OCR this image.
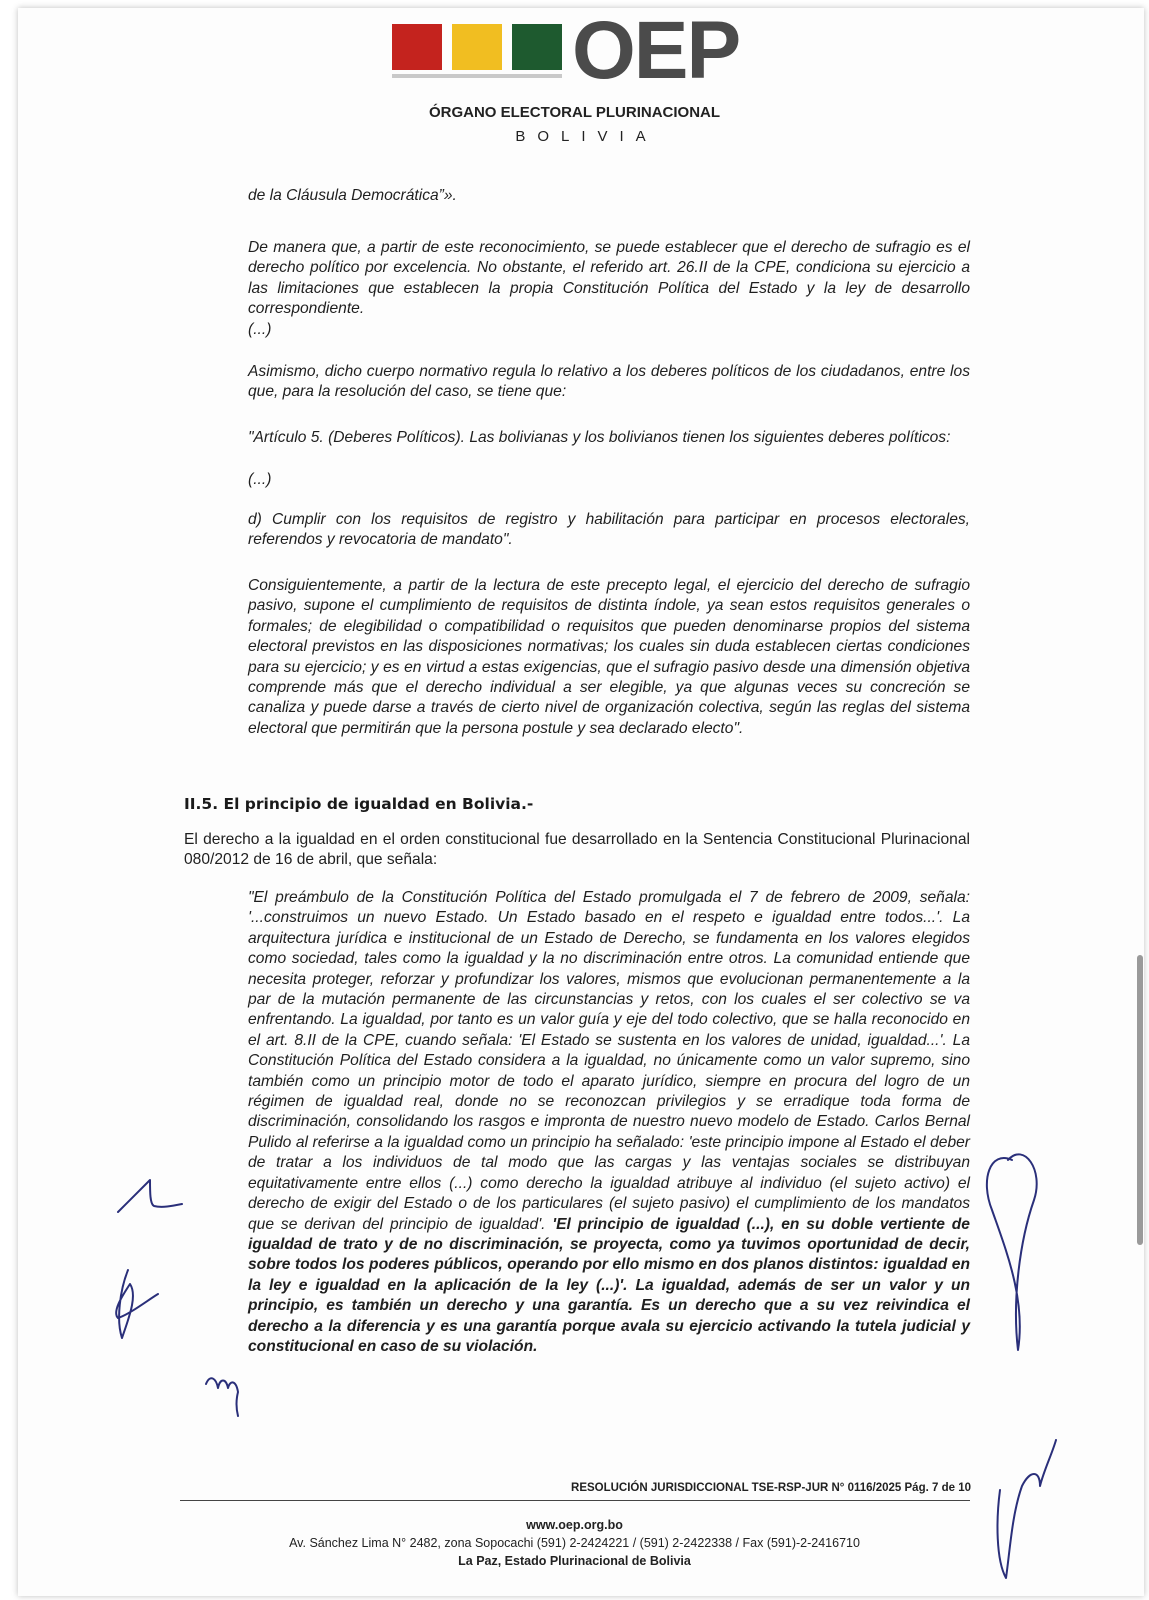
OEP
ÓRGANO ELECTORAL PLURINACIONAL
BOLIVIA
de la Cláusula Democrática”».
De manera que, a partir de este reconocimiento, se puede establecer que el derecho de sufragio es el derecho político por excelencia. No obstante, el referido art. 26.II de la CPE, condiciona su ejercicio a las limitaciones que establecen la propia Constitución Política del Estado y la ley de desarrollo correspondiente.
(...)
Asimismo, dicho cuerpo normativo regula lo relativo a los deberes políticos de los ciudadanos, entre los que, para la resolución del caso, se tiene que:
"Artículo 5. (Deberes Políticos). Las bolivianas y los bolivianos tienen los siguientes deberes políticos:
(...)
d) Cumplir con los requisitos de registro y habilitación para participar en procesos electorales, referendos y revocatoria de mandato".
Consiguientemente, a partir de la lectura de este precepto legal, el ejercicio del derecho de sufragio pasivo, supone el cumplimiento de requisitos de distinta índole, ya sean estos requisitos generales o formales; de elegibilidad o compatibilidad o requisitos que pueden denominarse propios del sistema electoral previstos en las disposiciones normativas; los cuales sin duda establecen ciertas condiciones para su ejercicio; y es en virtud a estas exigencias, que el sufragio pasivo desde una dimensión objetiva comprende más que el derecho individual a ser elegible, ya que algunas veces su concreción se canaliza y puede darse a través de cierto nivel de organización colectiva, según las reglas del sistema electoral que permitirán que la persona postule y sea declarado electo".
II.5. El principio de igualdad en Bolivia.-
El derecho a la igualdad en el orden constitucional fue desarrollado en la Sentencia Constitucional Plurinacional 080/2012 de 16 de abril, que señala:
"El preámbulo de la Constitución Política del Estado promulgada el 7 de febrero de 2009, señala: '...construimos un nuevo Estado. Un Estado basado en el respeto e igualdad entre todos...'. La arquitectura jurídica e institucional de un Estado de Derecho, se fundamenta en los valores elegidos como sociedad, tales como la igualdad y la no discriminación entre otros. La comunidad entiende que necesita proteger, reforzar y profundizar los valores, mismos que evolucionan permanentemente a la par de la mutación permanente de las circunstancias y retos, con los cuales el ser colectivo se va enfrentando. La igualdad, por tanto es un valor guía y eje del todo colectivo, que se halla reconocido en el art. 8.II de la CPE, cuando señala: 'El Estado se sustenta en los valores de unidad, igualdad...'. La Constitución Política del Estado considera a la igualdad, no únicamente como un valor supremo, sino también como un principio motor de todo el aparato jurídico, siempre en procura del logro de un régimen de igualdad real, donde no se reconozcan privilegios y se erradique toda forma de discriminación, consolidando los rasgos e impronta de nuestro nuevo modelo de Estado. Carlos Bernal Pulido al referirse a la igualdad como un principio ha señalado: 'este principio impone al Estado el deber de tratar a los individuos de tal modo que las cargas y las ventajas sociales se distribuyan equitativamente entre ellos (...) como derecho la igualdad atribuye al individuo (el sujeto activo) el derecho de exigir del Estado o de los particulares (el sujeto pasivo) el cumplimiento de los mandatos que se derivan del principio de igualdad'. 'El principio de igualdad (...), en su doble vertiente de igualdad de trato y de no discriminación, se proyecta, como ya tuvimos oportunidad de decir, sobre todos los poderes públicos, operando por ello mismo en dos planos distintos: igualdad en la ley e igualdad en la aplicación de la ley (...)'. La igualdad, además de ser un valor y un principio, es también un derecho y una garantía. Es un derecho que a su vez reivindica el derecho a la diferencia y es una garantía porque avala su ejercicio activando la tutela judicial y constitucional en caso de su violación.
RESOLUCIÓN JURISDICCIONAL TSE-RSP-JUR N° 0116/2025 Pág. 7 de 10
www.oep.org.bo
Av. Sánchez Lima N° 2482, zona Sopocachi (591) 2-2424221 / (591) 2-2422338 / Fax (591)-2-2416710
La Paz, Estado Plurinacional de Bolivia
